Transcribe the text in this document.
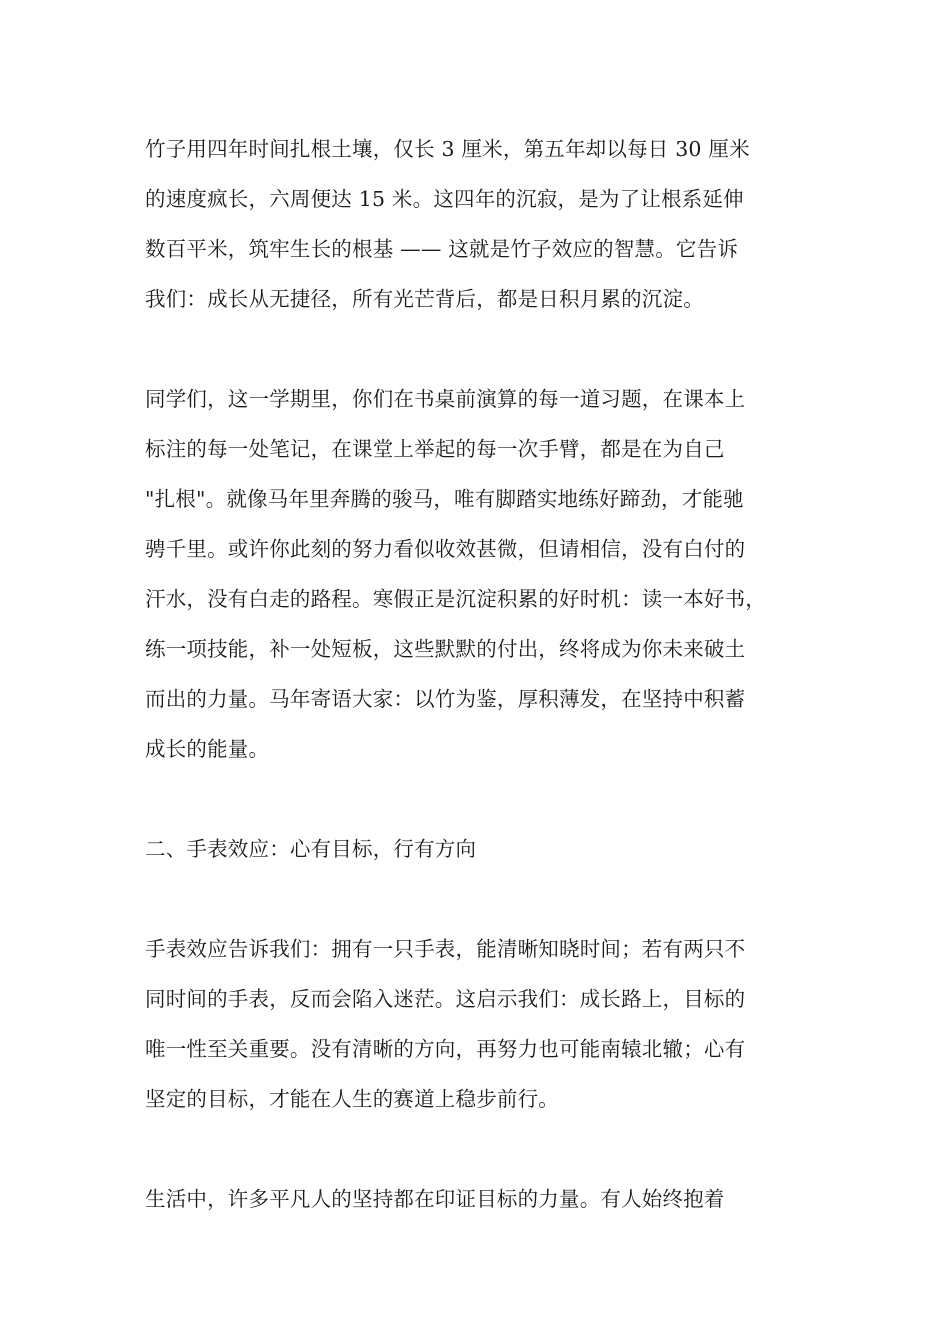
竹子用四年时间扎根土壤，仅长 3 厘米，第五年却以每日 30 厘米
的速度疯长，六周便达 15 米。这四年的沉寂，是为了让根系延伸
数百平米，筑牢生长的根基 —— 这就是竹子效应的智慧。它告诉
我们：成长从无捷径，所有光芒背后，都是日积月累的沉淀。

同学们，这一学期里，你们在书桌前演算的每一道习题，在课本上
标注的每一处笔记，在课堂上举起的每一次手臂，都是在为自己
"扎根"。就像马年里奔腾的骏马，唯有脚踏实地练好蹄劲，才能驰
骋千里。或许你此刻的努力看似收效甚微，但请相信，没有白付的
汗水，没有白走的路程。寒假正是沉淀积累的好时机：读一本好书，
练一项技能，补一处短板，这些默默的付出，终将成为你未来破土
而出的力量。马年寄语大家：以竹为鉴，厚积薄发，在坚持中积蓄
成长的能量。

二、手表效应：心有目标，行有方向

手表效应告诉我们：拥有一只手表，能清晰知晓时间；若有两只不
同时间的手表，反而会陷入迷茫。这启示我们：成长路上，目标的
唯一性至关重要。没有清晰的方向，再努力也可能南辕北辙；心有
坚定的目标，才能在人生的赛道上稳步前行。

生活中，许多平凡人的坚持都在印证目标的力量。有人始终抱着
